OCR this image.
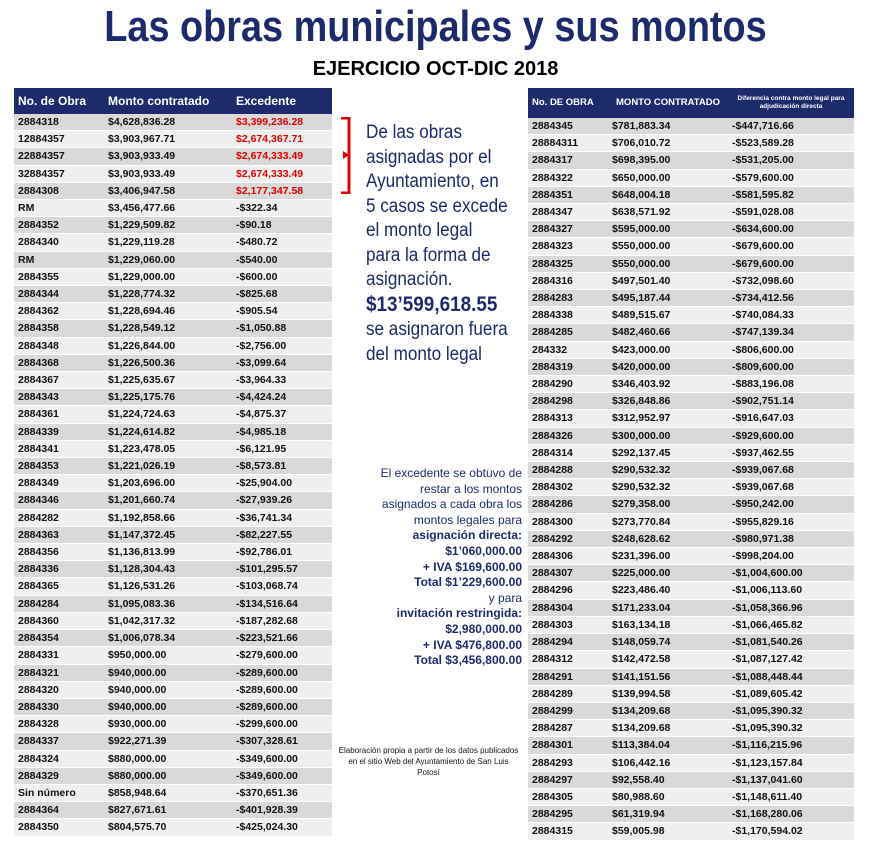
Las obras municipales y sus montos
EJERCICIO OCT-DIC 2018
No. de Obra	Monto contratado	Excedente
2884318	$4,628,836.28	$3,399,236.28
12884357	$3,903,967.71	$2,674,367.71
22884357	$3,903,933.49	$2,674,333.49
32884357	$3,903,933.49	$2,674,333.49
2884308	$3,406,947.58	$2,177,347.58
RM	$3,456,477.66	-$322.34
2884352	$1,229,509.82	-$90.18
2884340	$1,229,119.28	-$480.72
RM	$1,229,060.00	-$540.00
2884355	$1,229,000.00	-$600.00
2884344	$1,228,774.32	-$825.68
2884362	$1,228,694.46	-$905.54
2884358	$1,228,549.12	-$1,050.88
2884348	$1,226,844.00	-$2,756.00
2884368	$1,226,500.36	-$3,099.64
2884367	$1,225,635.67	-$3,964.33
2884343	$1,225,175.76	-$4,424.24
2884361	$1,224,724.63	-$4,875.37
2884339	$1,224,614.82	-$4,985.18
2884341	$1,223,478.05	-$6,121.95
2884353	$1,221,026.19	-$8,573.81
2884349	$1,203,696.00	-$25,904.00
2884346	$1,201,660.74	-$27,939.26
2884282	$1,192,858.66	-$36,741.34
2884363	$1,147,372.45	-$82,227.55
2884356	$1,136,813.99	-$92,786.01
2884336	$1,128,304.43	-$101,295.57
2884365	$1,126,531.26	-$103,068.74
2884284	$1,095,083.36	-$134,516.64
2884360	$1,042,317.32	-$187,282.68
2884354	$1,006,078.34	-$223,521.66
2884331	$950,000.00	-$279,600.00
2884321	$940,000.00	-$289,600.00
2884320	$940,000.00	-$289,600.00
2884330	$940,000.00	-$289,600.00
2884328	$930,000.00	-$299,600.00
2884337	$922,271.39	-$307,328.61
2884324	$880,000.00	-$349,600.00
2884329	$880,000.00	-$349,600.00
Sin número	$858,948.64	-$370,651.36
2884364	$827,671.61	-$401,928.39
2884350	$804,575.70	-$425,024.30
De las obras asignadas por el Ayuntamiento, en 5 casos se excede el monto legal para la forma de asignación.
$13’599,618.55
se asignaron fuera del monto legal
El excedente se obtuvo de restar a los montos asignados a cada obra los montos legales para
asignación directa:
$1’060,000.00
+ IVA $169,600.00
Total $1’229,600.00
y para
invitación restringida:
$2,980,000.00
+ IVA $476,800.00
Total $3,456,800.00
Elaboración propia a partir de los datos publicados en el sitio Web del Ayuntamiento de San Luis Potosí
No. DE OBRA	MONTO CONTRATADO	Diferencia contra monto legal para adjudicación directa
2884345	$781,883.34	-$447,716.66
28884311	$706,010.72	-$523,589.28
2884317	$698,395.00	-$531,205.00
2884322	$650,000.00	-$579,600.00
2884351	$648,004.18	-$581,595.82
2884347	$638,571.92	-$591,028.08
2884327	$595,000.00	-$634,600.00
2884323	$550,000.00	-$679,600.00
2884325	$550,000.00	-$679,600.00
2884316	$497,501.40	-$732,098.60
2884283	$495,187.44	-$734,412.56
2884338	$489,515.67	-$740,084.33
2884285	$482,460.66	-$747,139.34
284332	$423,000.00	-$806,600.00
2884319	$420,000.00	-$809,600.00
2884290	$346,403.92	-$883,196.08
2884298	$326,848.86	-$902,751.14
2884313	$312,952.97	-$916,647.03
2884326	$300,000.00	-$929,600.00
2884314	$292,137.45	-$937,462.55
2884288	$290,532.32	-$939,067.68
2884302	$290,532.32	-$939,067.68
2884286	$279,358.00	-$950,242.00
2884300	$273,770.84	-$955,829.16
2884292	$248,628.62	-$980,971.38
2884306	$231,396.00	-$998,204.00
2884307	$225,000.00	-$1,004,600.00
2884296	$223,486.40	-$1,006,113.60
2884304	$171,233.04	-$1,058,366.96
2884303	$163,134.18	-$1,066,465.82
2884294	$148,059.74	-$1,081,540.26
2884312	$142,472.58	-$1,087,127.42
2884291	$141,151.56	-$1,088,448.44
2884289	$139,994.58	-$1,089,605.42
2884299	$134,209.68	-$1,095,390.32
2884287	$134,209.68	-$1,095,390.32
2884301	$113,384.04	-$1,116,215.96
2884293	$106,442.16	-$1,123,157.84
2884297	$92,558.40	-$1,137,041.60
2884305	$80,988.60	-$1,148,611.40
2884295	$61,319.94	-$1,168,280.06
2884315	$59,005.98	-$1,170,594.02
